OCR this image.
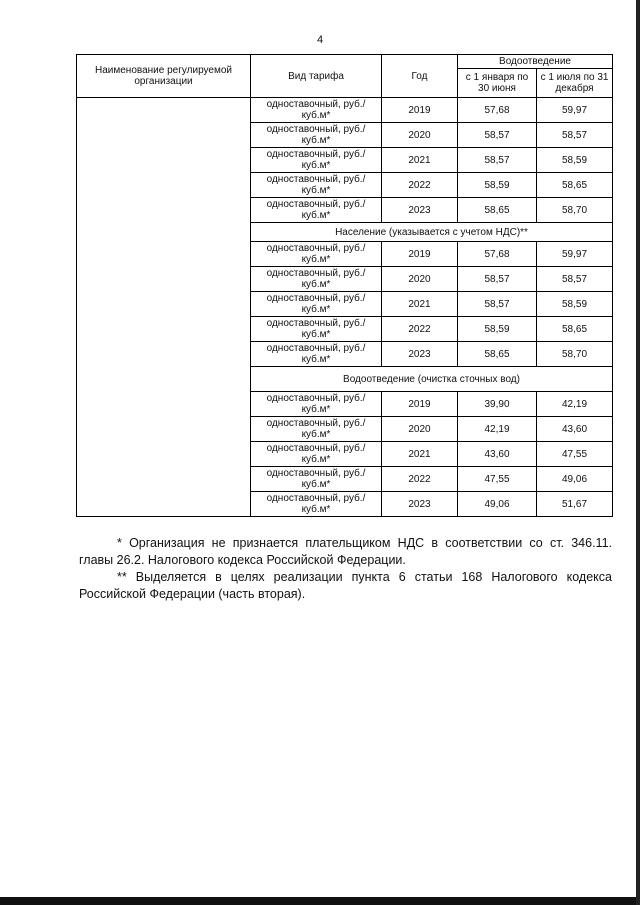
4
Наименование регулируемой организации	Вид тарифа	Год	Водоотведение	
			с 1 января по 30 июня	с 1 июля по 31 декабря
	одноставочный, руб./куб.м*	2019	57,68	59,97
	одноставочный, руб./куб.м*	2020	58,57	58,57
	одноставочный, руб./куб.м*	2021	58,57	58,59
	одноставочный, руб./куб.м*	2022	58,59	58,65
	одноставочный, руб./куб.м*	2023	58,65	58,70
	Население (указывается с учетом НДС)**			
	одноставочный, руб./куб.м*	2019	57,68	59,97
	одноставочный, руб./куб.м*	2020	58,57	58,57
	одноставочный, руб./куб.м*	2021	58,57	58,59
	одноставочный, руб./куб.м*	2022	58,59	58,65
	одноставочный, руб./куб.м*	2023	58,65	58,70
	Водоотведение (очистка сточных вод)			
	одноставочный, руб./куб.м*	2019	39,90	42,19
	одноставочный, руб./куб.м*	2020	42,19	43,60
	одноставочный, руб./куб.м*	2021	43,60	47,55
	одноставочный, руб./куб.м*	2022	47,55	49,06
	одноставочный, руб./куб.м*	2023	49,06	51,67

* Организация не признается плательщиком НДС в соответствии со ст. 346.11. главы 26.2. Налогового кодекса Российской Федерации.

** Выделяется в целях реализации пункта 6 статьи 168 Налогового кодекса Российской Федерации (часть вторая).
